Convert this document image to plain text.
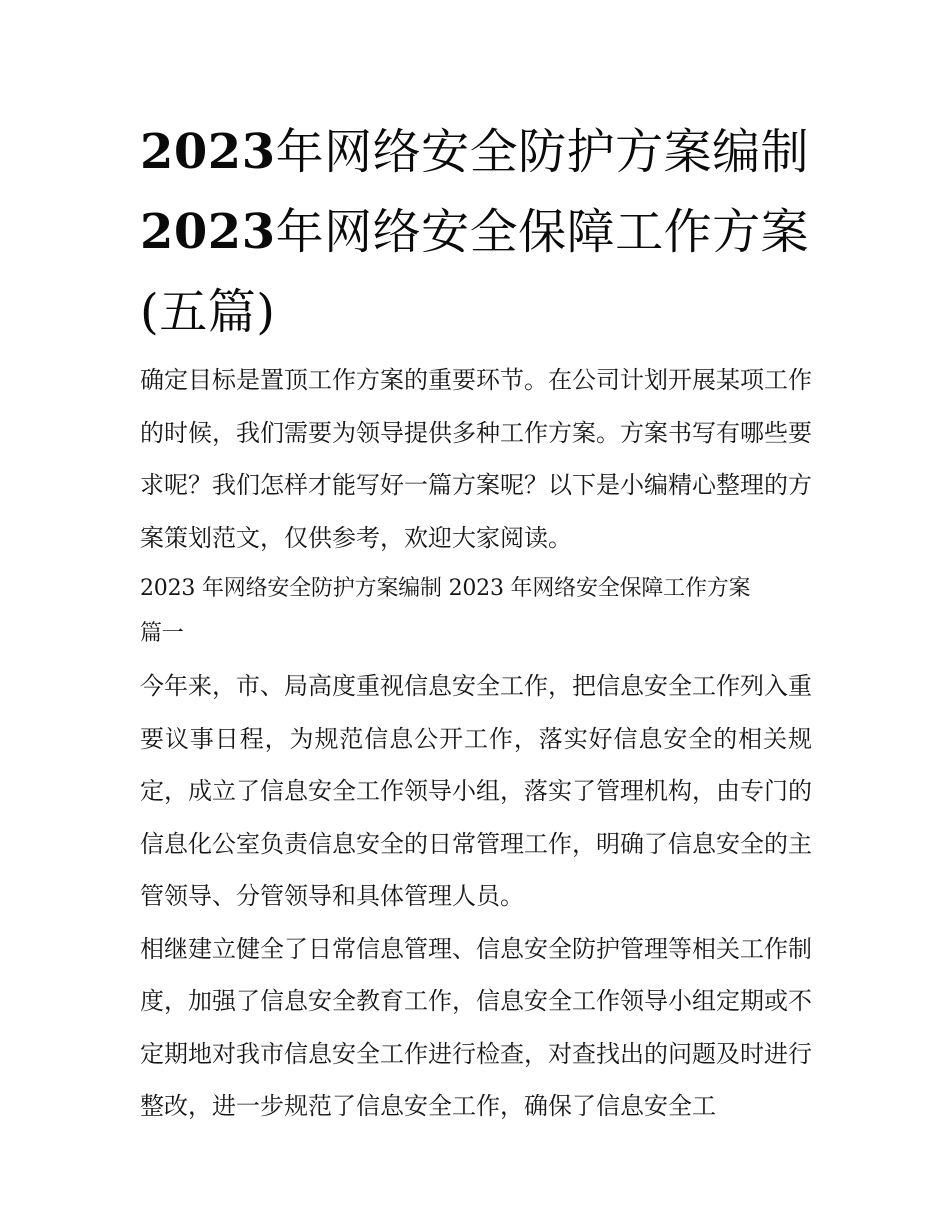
2023年网络安全防护方案编制
2023年网络安全保障工作方案
(五篇)

确定目标是置顶工作方案的重要环节。在公司计划开展某项工作的时候，我们需要为领导提供多种工作方案。方案书写有哪些要求呢？我们怎样才能写好一篇方案呢？以下是小编精心整理的方案策划范文，仅供参考，欢迎大家阅读。

2023 年网络安全防护方案编制 2023 年网络安全保障工作方案
篇一

今年来，市、局高度重视信息安全工作，把信息安全工作列入重要议事日程，为规范信息公开工作，落实好信息安全的相关规定，成立了信息安全工作领导小组，落实了管理机构，由专门的信息化公室负责信息安全的日常管理工作，明确了信息安全的主管领导、分管领导和具体管理人员。

相继建立健全了日常信息管理、信息安全防护管理等相关工作制度，加强了信息安全教育工作，信息安全工作领导小组定期或不定期地对我市信息安全工作进行检查，对查找出的问题及时进行整改，进一步规范了信息安全工作，确保了信息安全工
